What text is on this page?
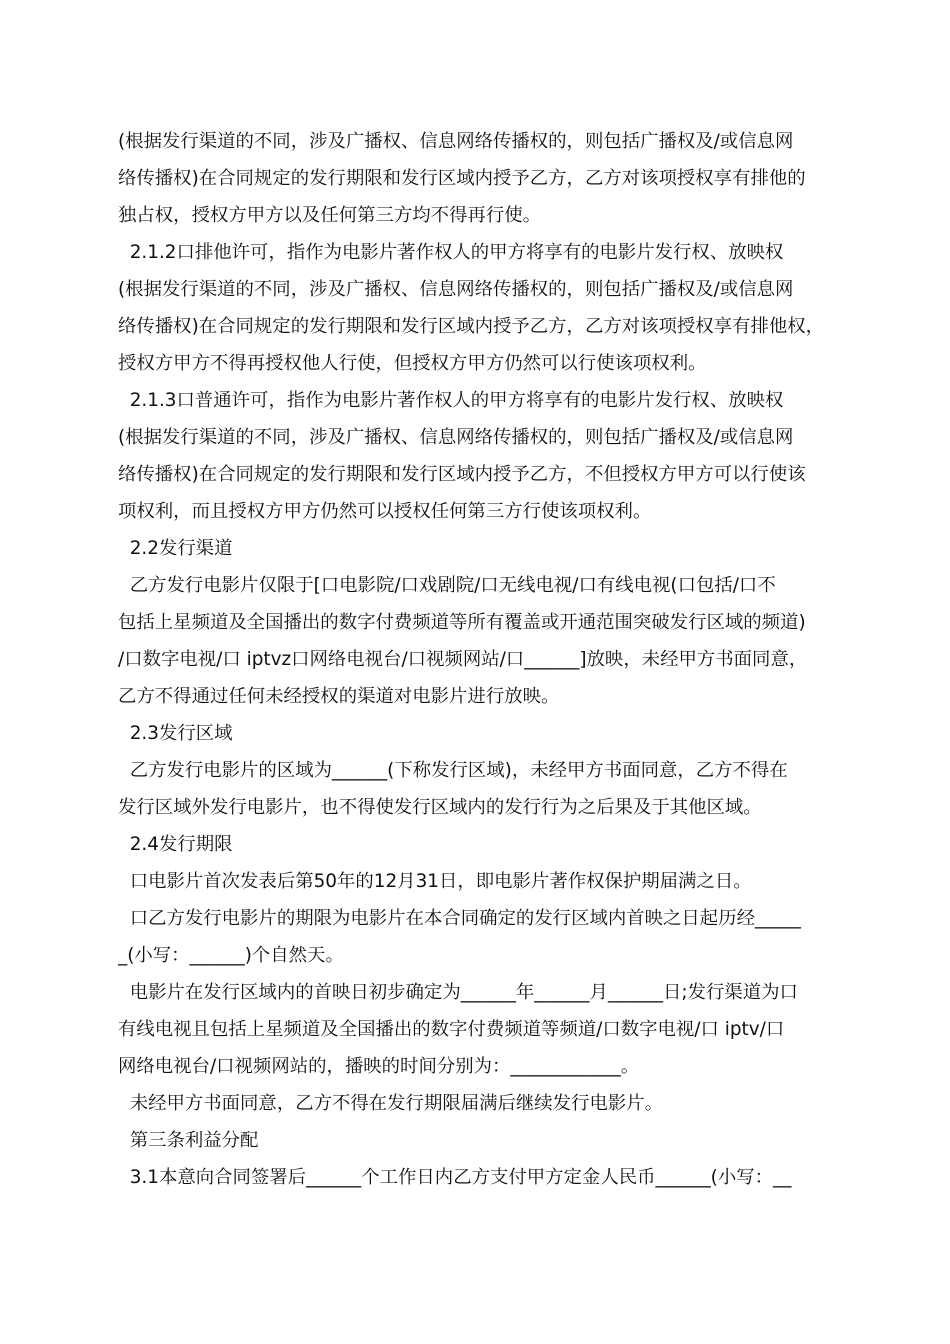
(根据发行渠道的不同，涉及广播权、信息网络传播权的，则包括广播权及/或信息网
络传播权)在合同规定的发行期限和发行区域内授予乙方，乙方对该项授权享有排他的
独占权，授权方甲方以及任何第三方均不得再行使。
2.1.2口排他许可，指作为电影片著作权人的甲方将享有的电影片发行权、放映权
(根据发行渠道的不同，涉及广播权、信息网络传播权的，则包括广播权及/或信息网
络传播权)在合同规定的发行期限和发行区域内授予乙方，乙方对该项授权享有排他权，
授权方甲方不得再授权他人行使，但授权方甲方仍然可以行使该项权利。
2.1.3口普通许可，指作为电影片著作权人的甲方将享有的电影片发行权、放映权
(根据发行渠道的不同，涉及广播权、信息网络传播权的，则包括广播权及/或信息网
络传播权)在合同规定的发行期限和发行区域内授予乙方，不但授权方甲方可以行使该
项权利，而且授权方甲方仍然可以授权任何第三方行使该项权利。
2.2发行渠道
乙方发行电影片仅限于[口电影院/口戏剧院/口无线电视/口有线电视(口包括/口不
包括上星频道及全国播出的数字付费频道等所有覆盖或开通范围突破发行区域的频道)
/口数字电视/口 iptvz口网络电视台/口视频网站/口______]放映，未经甲方书面同意，
乙方不得通过任何未经授权的渠道对电影片进行放映。
2.3发行区域
乙方发行电影片的区域为______(下称发行区域)，未经甲方书面同意，乙方不得在
发行区域外发行电影片，也不得使发行区域内的发行行为之后果及于其他区域。
2.4发行期限
口电影片首次发表后第50年的12月31日，即电影片著作权保护期届满之日。
口乙方发行电影片的期限为电影片在本合同确定的发行区域内首映之日起历经_____
_(小写：______)个自然天。
电影片在发行区域内的首映日初步确定为______年______月______日;发行渠道为口
有线电视且包括上星频道及全国播出的数字付费频道等频道/口数字电视/口 iptv/口
网络电视台/口视频网站的，播映的时间分别为：____________。
未经甲方书面同意，乙方不得在发行期限届满后继续发行电影片。
第三条利益分配
3.1本意向合同签署后______个工作日内乙方支付甲方定金人民币______(小写：__
